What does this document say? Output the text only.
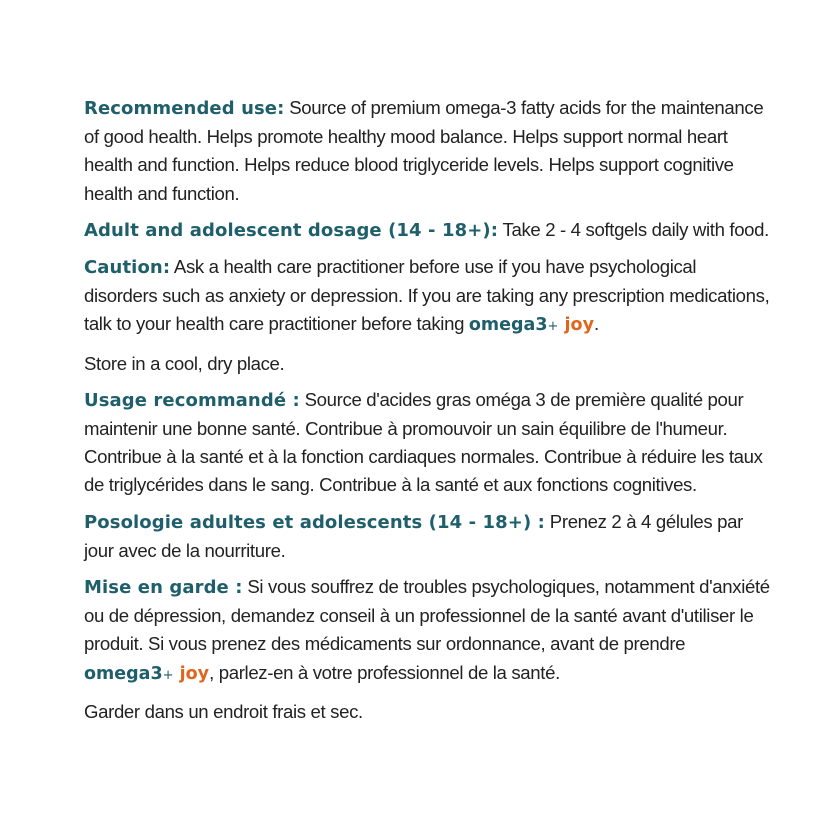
Recommended use: Source of premium omega-3 fatty acids for the maintenance of good health. Helps promote healthy mood balance. Helps support normal heart health and function. Helps reduce blood triglyceride levels. Helps support cognitive health and function.

Adult and adolescent dosage (14 - 18+): Take 2 - 4 softgels daily with food.

Caution: Ask a health care practitioner before use if you have psychological disorders such as anxiety or depression. If you are taking any prescription medications, talk to your health care practitioner before taking omega3+ joy.

Store in a cool, dry place.

Usage recommandé : Source d'acides gras oméga 3 de première qualité pour maintenir une bonne santé. Contribue à promouvoir un sain équilibre de l'humeur. Contribue à la santé et à la fonction cardiaques normales. Contribue à réduire les taux de triglycérides dans le sang. Contribue à la santé et aux fonctions cognitives.

Posologie adultes et adolescents (14 - 18+) : Prenez 2 à 4 gélules par jour avec de la nourriture.

Mise en garde : Si vous souffrez de troubles psychologiques, notamment d'anxiété ou de dépression, demandez conseil à un professionnel de la santé avant d'utiliser le produit. Si vous prenez des médicaments sur ordonnance, avant de prendre omega3+ joy, parlez-en à votre professionnel de la santé.

Garder dans un endroit frais et sec.
